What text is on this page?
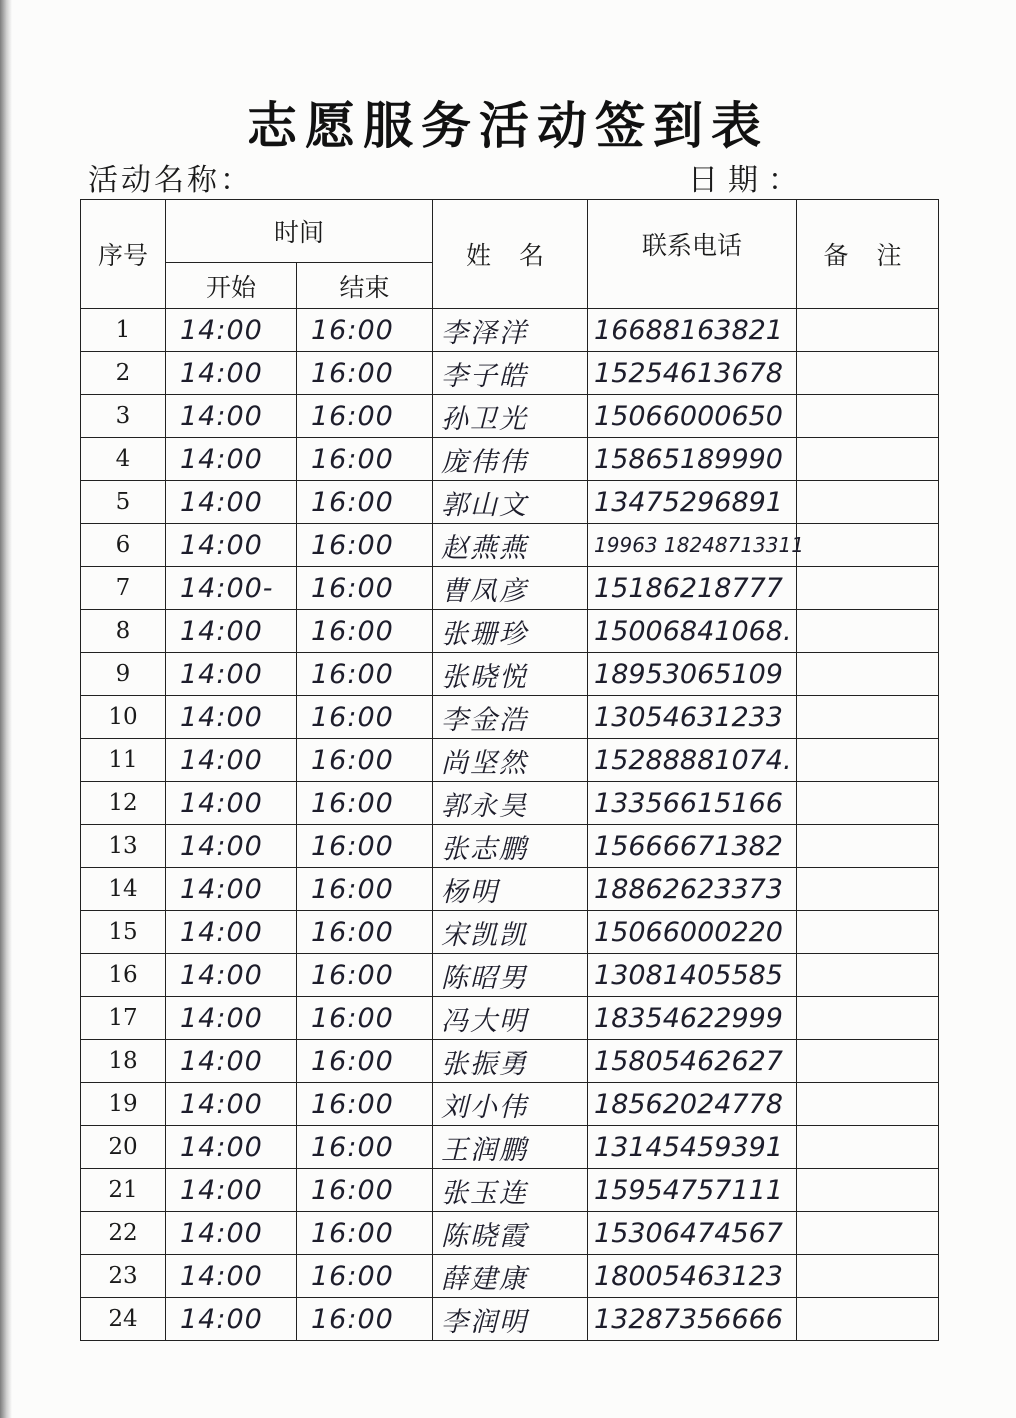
志愿服务活动签到表
活动名称：	日期：
序号	时间		姓 名	联系电话	备 注
	开始	结束			
1	14:00	16:00	李泽洋	16688163821	
2	14:00	16:00	李子皓	15254613678	
3	14:00	16:00	孙卫光	15066000650	
4	14:00	16:00	庞伟伟	15865189990	
5	14:00	16:00	郭山文	13475296891	
6	14:00	16:00	赵燕燕	19963 18248713311	
7	14:00-	16:00	曹凤彦	15186218777	
8	14:00	16:00	张珊珍	15006841068.	
9	14:00	16:00	张晓悦	18953065109	
10	14:00	16:00	李金浩	13054631233	
11	14:00	16:00	尚坚然	15288881074.	
12	14:00	16:00	郭永昊	13356615166	
13	14:00	16:00	张志鹏	15666671382	
14	14:00	16:00	杨明	18862623373	
15	14:00	16:00	宋凯凯	15066000220	
16	14:00	16:00	陈昭男	13081405585	
17	14:00	16:00	冯大明	18354622999	
18	14:00	16:00	张振勇	15805462627	
19	14:00	16:00	刘小伟	18562024778	
20	14:00	16:00	王润鹏	13145459391	
21	14:00	16:00	张玉连	15954757111	
22	14:00	16:00	陈晓霞	15306474567	
23	14:00	16:00	薛建康	18005463123	
24	14:00	16:00	李润明	13287356666	
